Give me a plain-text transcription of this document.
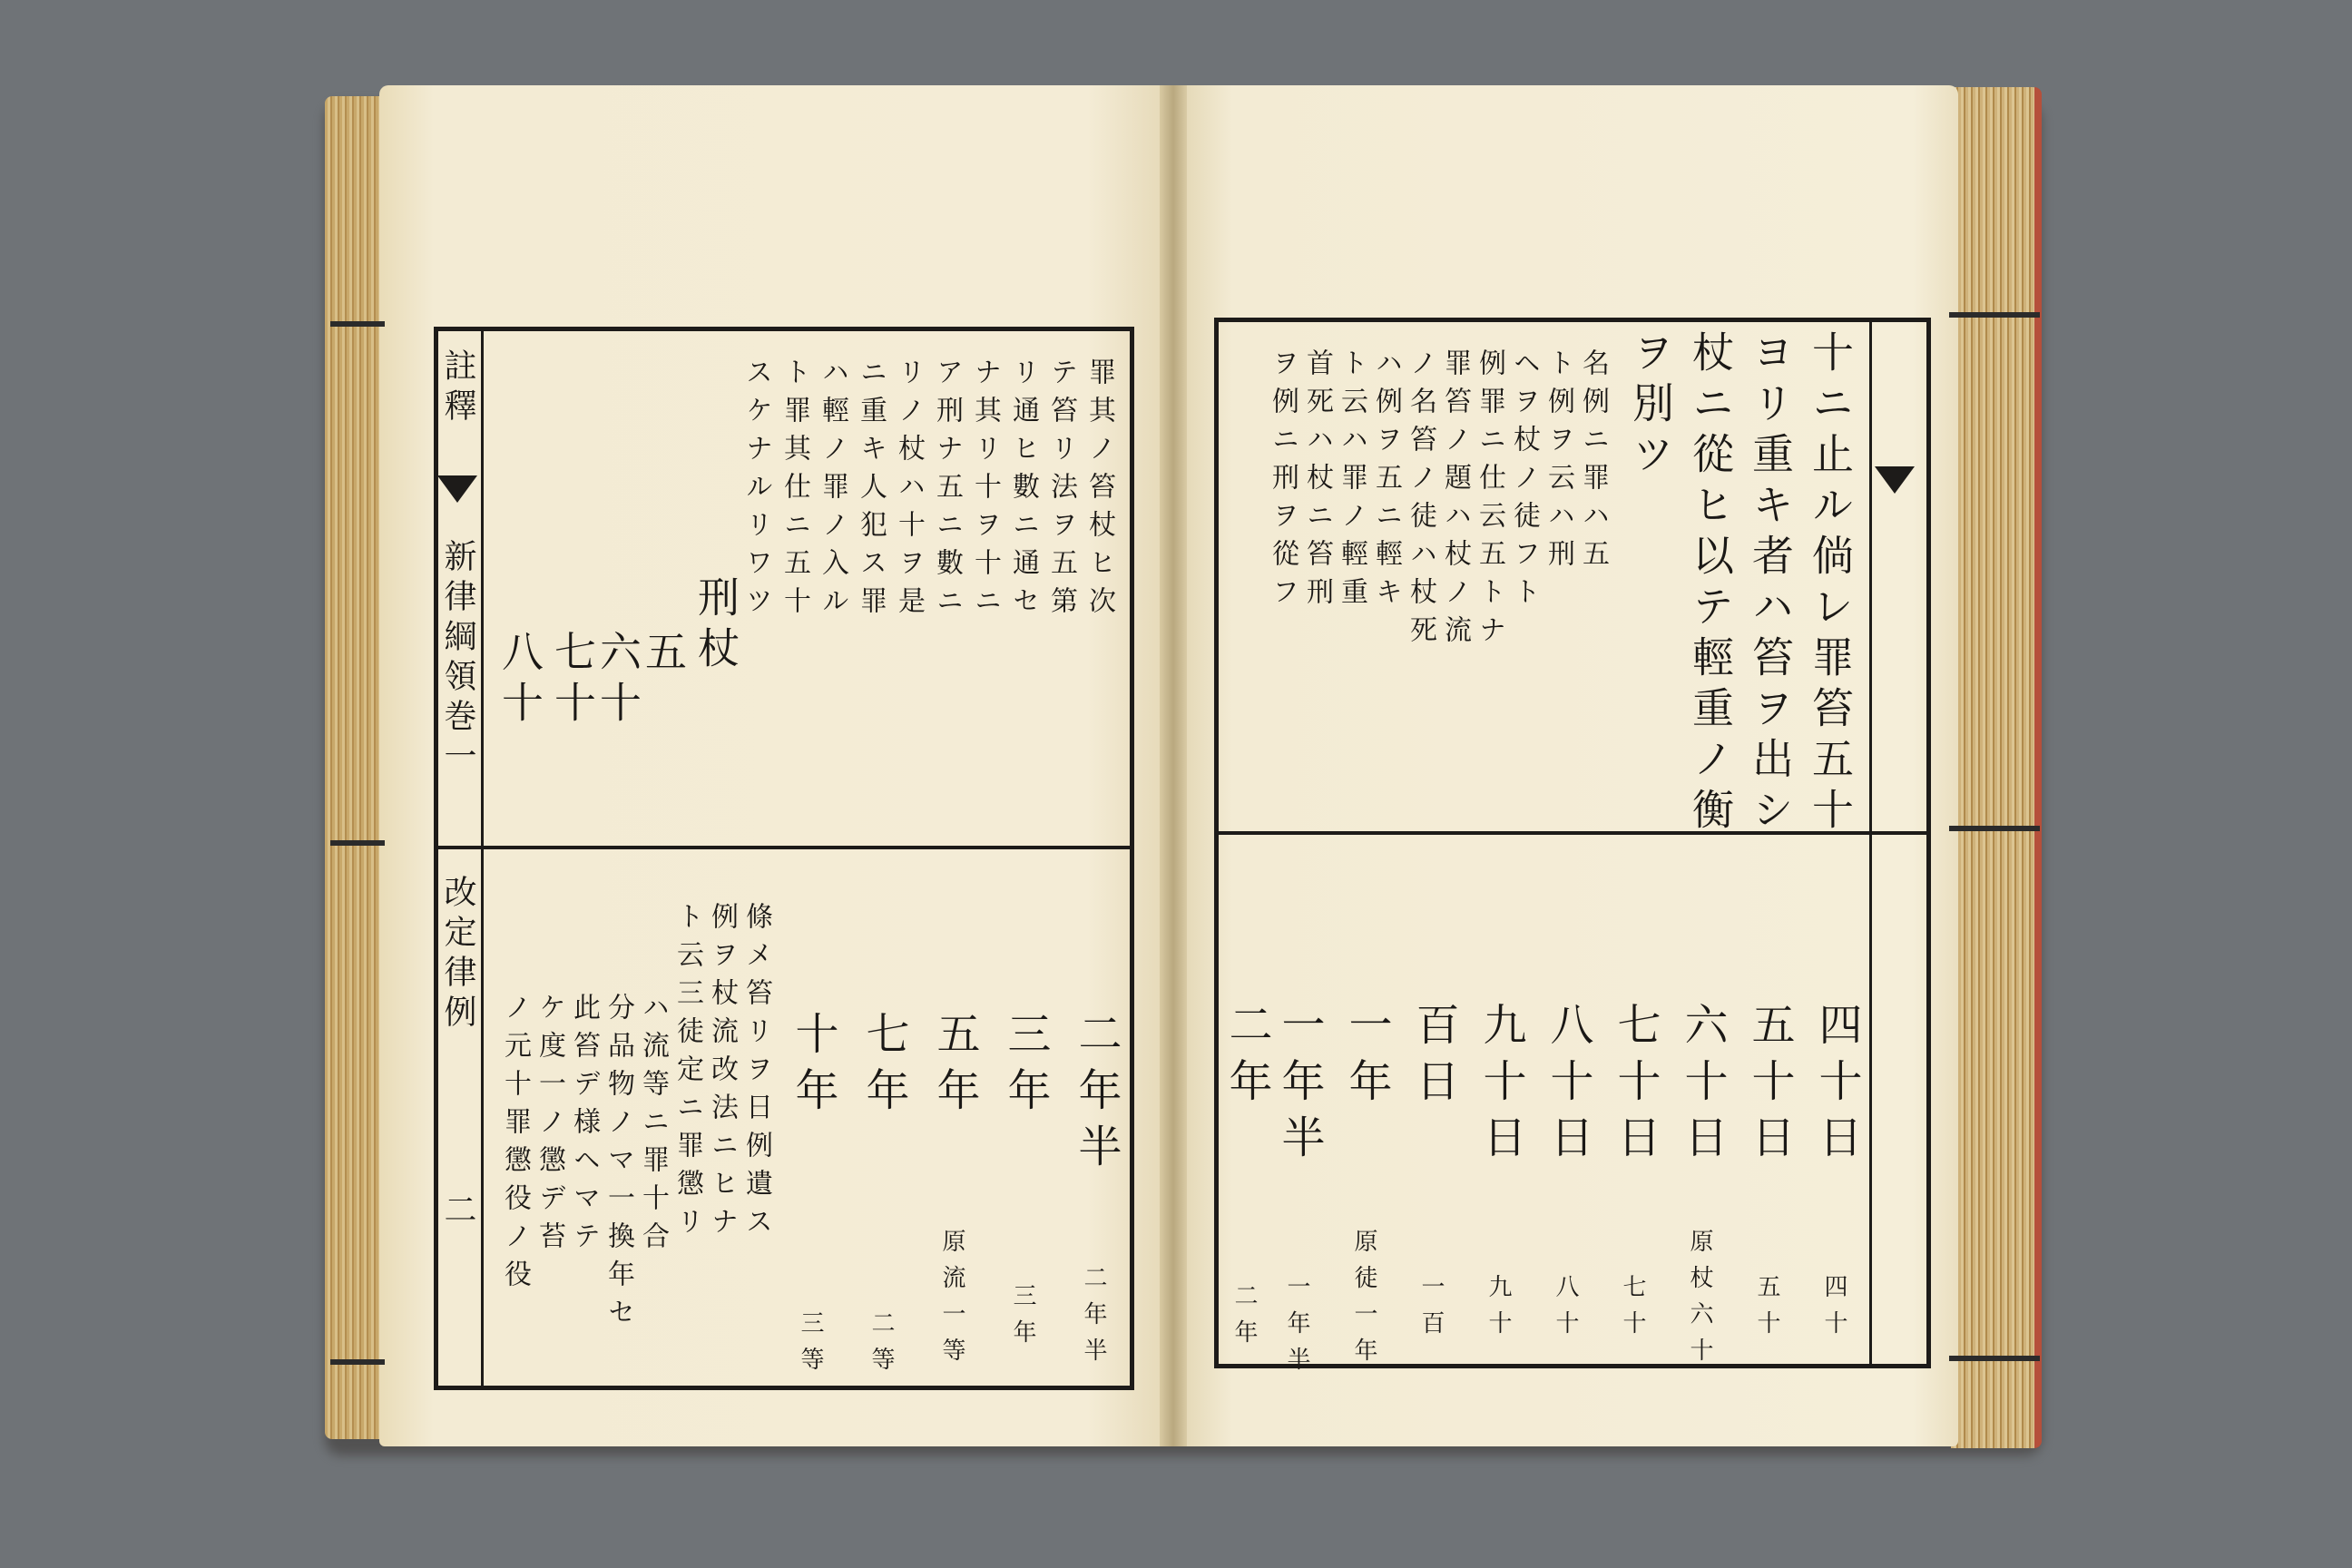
註釋
新律綱領巻一
改定律例
二
罪其ノ笞杖ヒ次
テ笞リ法ヲ五第
リ通ヒ數ニ通セ
ナ其リ十ヲ十ニ
ア刑ナ五ニ數ニ
リノ杖ハ十ヲ是
ニ重キ人犯ス罪
ハ輕ノ罪ノ入ル
ト罪其仕ニ五十
スケナルリワツ
刑杖
五
六十
七十
八十
二年半
三年
五年
七年
十年
二年半
三年
原流一等
二等
三等
條メ笞リヲ日例遺ス
例ヲ杖流改法ニヒナ
ト云三徒定ニ罪懲リ
ハ流等ニ罪十合
分品物ノマ一換年セ
此笞デ様ヘマテ
ケ度一ノ懲デ苔
ノ元十罪懲役ノ役
十ニ止ル倘レ罪笞五十
ヨリ重キ者ハ笞ヲ出シ
杖ニ從ヒ以テ輕重ノ衡
ヲ別ツ
名例ニ罪ハ五
ト例ヲ云ハ刑
ヘヲ杖ノ徒フト
例罪ニ仕云五トナ
罪笞ノ題ハ杖ノ流
ノ名笞ノ徒ハ杖死
ハ例ヲ五ニ輕キ
ト云ハ罪ノ輕重
首死ハ杖ニ笞刑
ヲ例ニ刑ヲ從フ
四十日
五十日
六十日
七十日
八十日
九十日
百日
一年
一年半
二年
四十
五十
原杖六十
七十
八十
九十
一百
原徒一年
一年半
二年
